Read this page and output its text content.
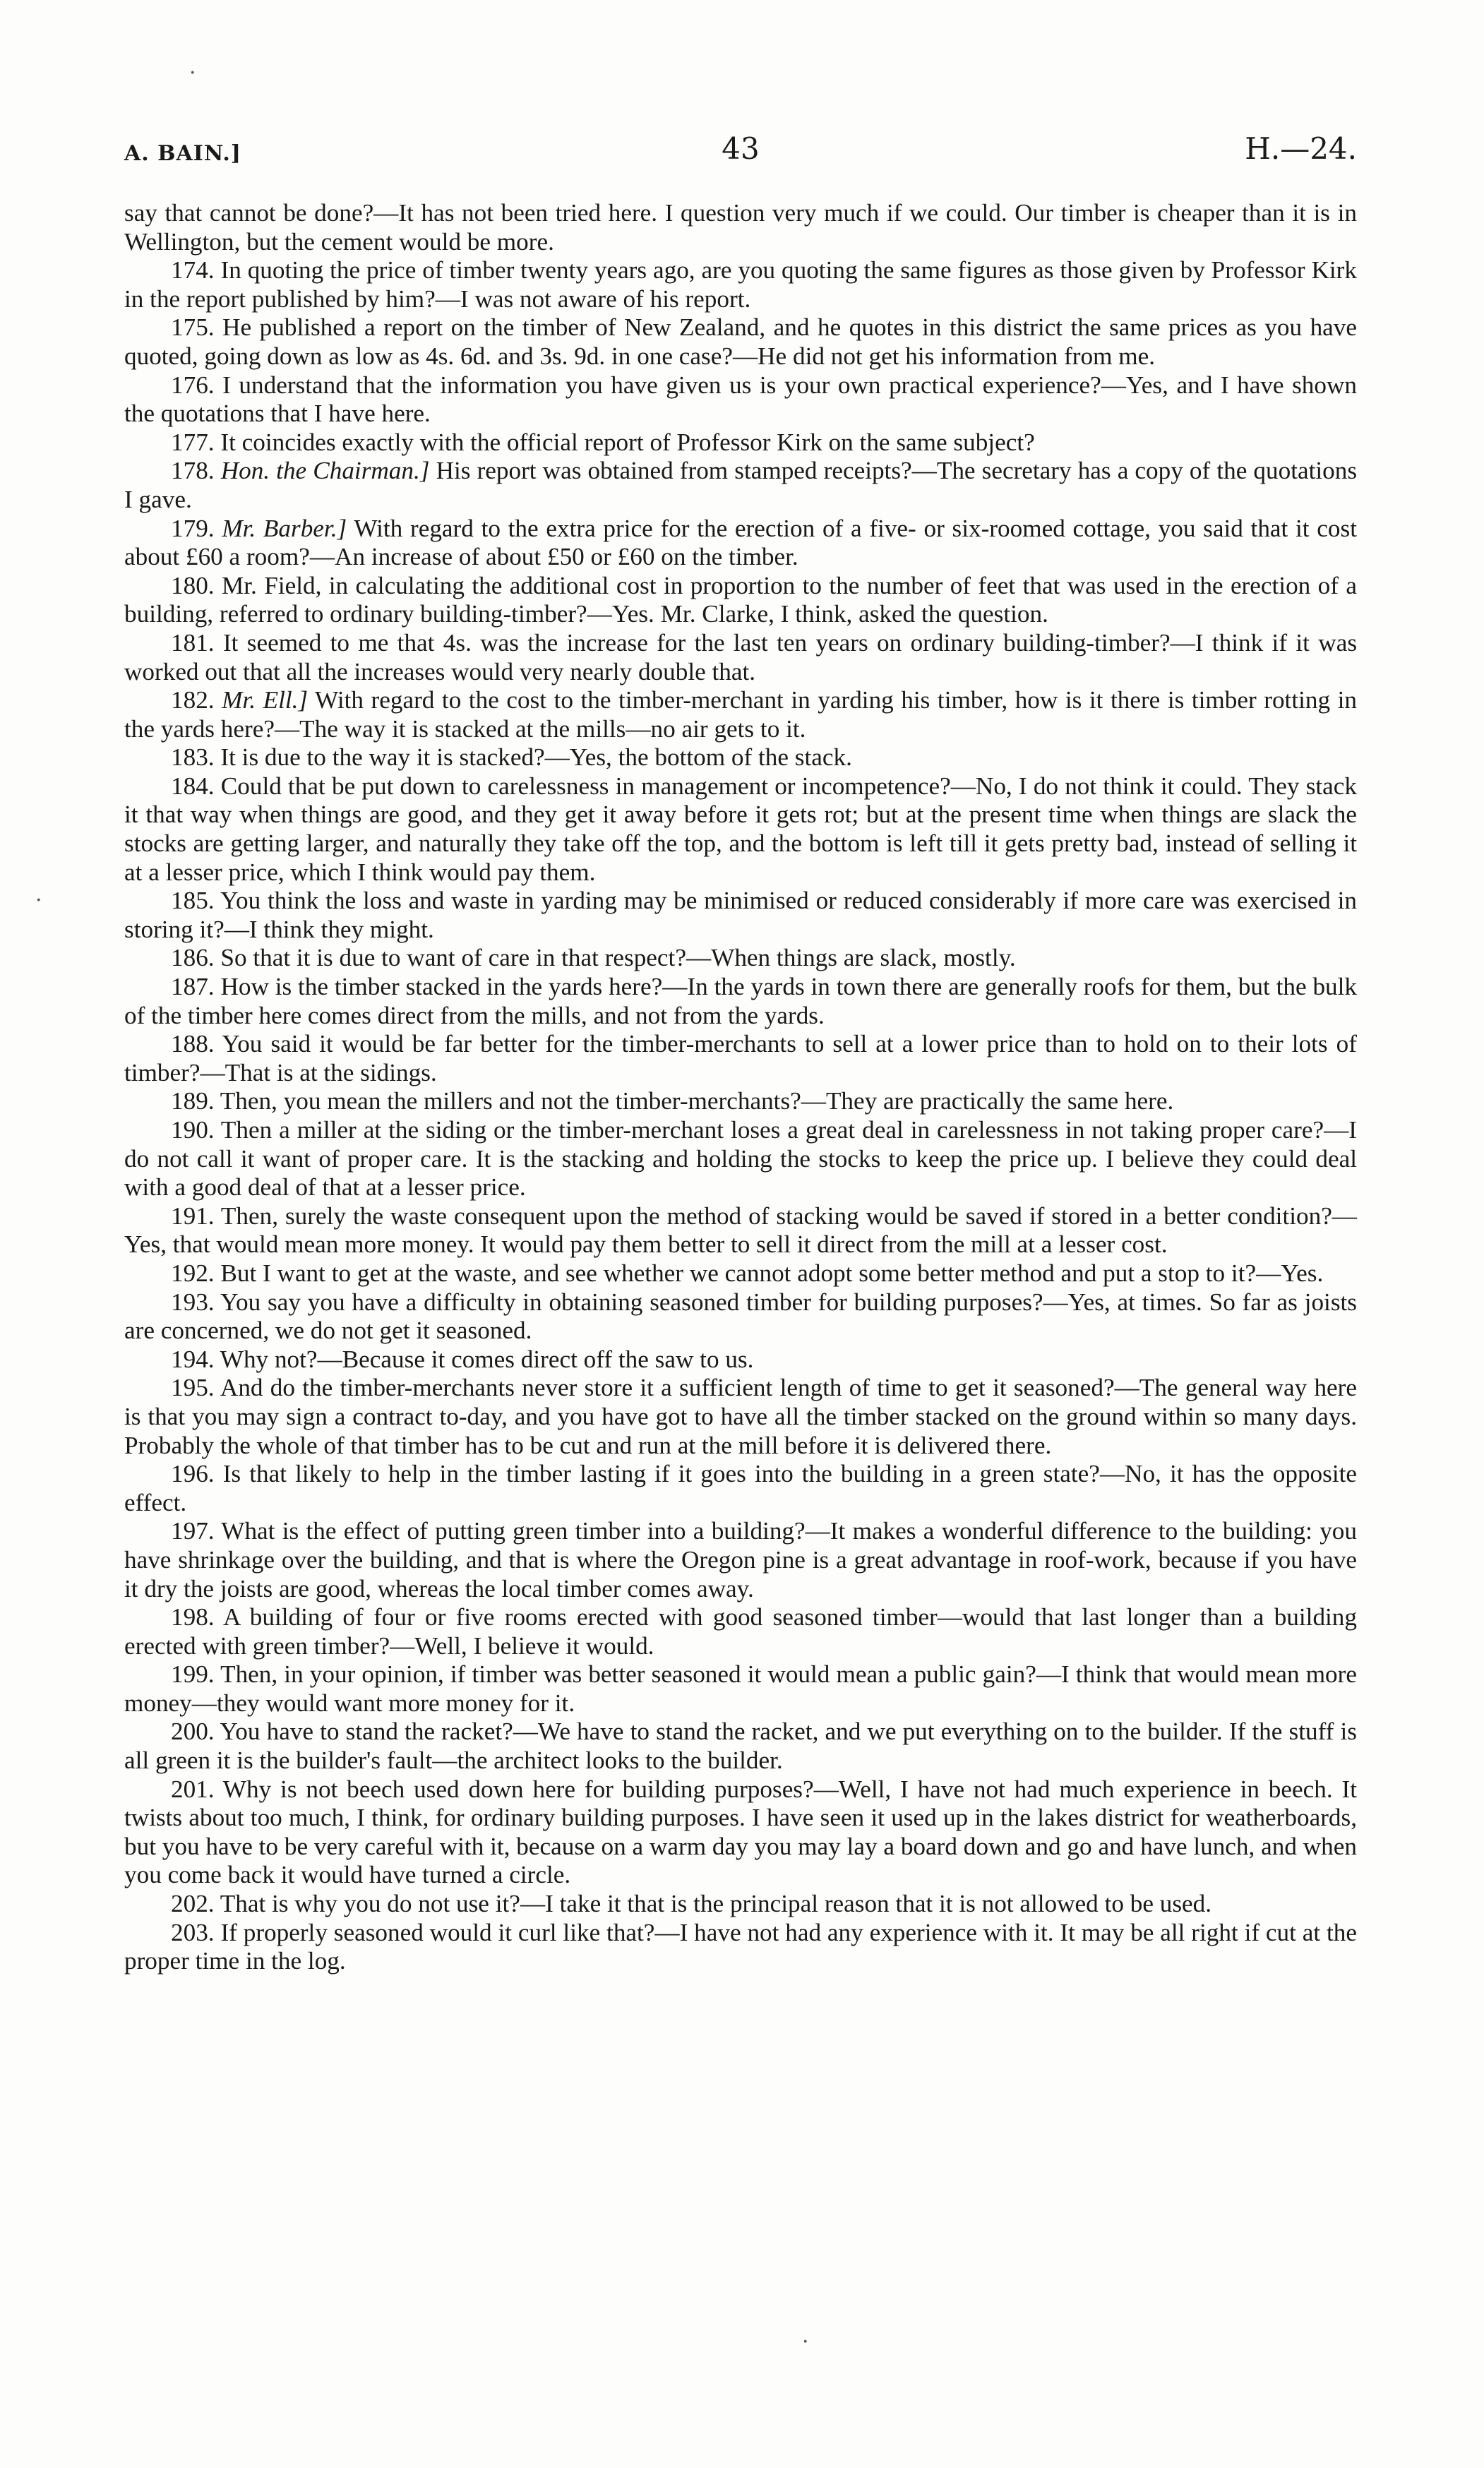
A. BAIN.]	43	H.—24.

say that cannot be done?—It has not been tried here. I question very much if we could. Our timber is cheaper than it is in Wellington, but the cement would be more.

174. In quoting the price of timber twenty years ago, are you quoting the same figures as those given by Professor Kirk in the report published by him?—I was not aware of his report.

175. He published a report on the timber of New Zealand, and he quotes in this district the same prices as you have quoted, going down as low as 4s. 6d. and 3s. 9d. in one case?—He did not get his information from me.

176. I understand that the information you have given us is your own practical experience?—Yes, and I have shown the quotations that I have here.

177. It coincides exactly with the official report of Professor Kirk on the same subject?

178. Hon. the Chairman.] His report was obtained from stamped receipts?—The secretary has a copy of the quotations I gave.

179. Mr. Barber.] With regard to the extra price for the erection of a five- or six-roomed cottage, you said that it cost about £60 a room?—An increase of about £50 or £60 on the timber.

180. Mr. Field, in calculating the additional cost in proportion to the number of feet that was used in the erection of a building, referred to ordinary building-timber?—Yes. Mr. Clarke, I think, asked the question.

181. It seemed to me that 4s. was the increase for the last ten years on ordinary building-timber?—I think if it was worked out that all the increases would very nearly double that.

182. Mr. Ell.] With regard to the cost to the timber-merchant in yarding his timber, how is it there is timber rotting in the yards here?—The way it is stacked at the mills—no air gets to it.

183. It is due to the way it is stacked?—Yes, the bottom of the stack.

184. Could that be put down to carelessness in management or incompetence?—No, I do not think it could. They stack it that way when things are good, and they get it away before it gets rot; but at the present time when things are slack the stocks are getting larger, and naturally they take off the top, and the bottom is left till it gets pretty bad, instead of selling it at a lesser price, which I think would pay them.

185. You think the loss and waste in yarding may be minimised or reduced considerably if more care was exercised in storing it?—I think they might.

186. So that it is due to want of care in that respect?—When things are slack, mostly.

187. How is the timber stacked in the yards here?—In the yards in town there are generally roofs for them, but the bulk of the timber here comes direct from the mills, and not from the yards.

188. You said it would be far better for the timber-merchants to sell at a lower price than to hold on to their lots of timber?—That is at the sidings.

189. Then, you mean the millers and not the timber-merchants?—They are practically the same here.

190. Then a miller at the siding or the timber-merchant loses a great deal in carelessness in not taking proper care?—I do not call it want of proper care. It is the stacking and holding the stocks to keep the price up. I believe they could deal with a good deal of that at a lesser price.

191. Then, surely the waste consequent upon the method of stacking would be saved if stored in a better condition?—Yes, that would mean more money. It would pay them better to sell it direct from the mill at a lesser cost.

192. But I want to get at the waste, and see whether we cannot adopt some better method and put a stop to it?—Yes.

193. You say you have a difficulty in obtaining seasoned timber for building purposes?—Yes, at times. So far as joists are concerned, we do not get it seasoned.

194. Why not?—Because it comes direct off the saw to us.

195. And do the timber-merchants never store it a sufficient length of time to get it seasoned?—The general way here is that you may sign a contract to-day, and you have got to have all the timber stacked on the ground within so many days. Probably the whole of that timber has to be cut and run at the mill before it is delivered there.

196. Is that likely to help in the timber lasting if it goes into the building in a green state?—No, it has the opposite effect.

197. What is the effect of putting green timber into a building?—It makes a wonderful difference to the building: you have shrinkage over the building, and that is where the Oregon pine is a great advantage in roof-work, because if you have it dry the joists are good, whereas the local timber comes away.

198. A building of four or five rooms erected with good seasoned timber—would that last longer than a building erected with green timber?—Well, I believe it would.

199. Then, in your opinion, if timber was better seasoned it would mean a public gain?—I think that would mean more money—they would want more money for it.

200. You have to stand the racket?—We have to stand the racket, and we put everything on to the builder. If the stuff is all green it is the builder's fault—the architect looks to the builder.

201. Why is not beech used down here for building purposes?—Well, I have not had much experience in beech. It twists about too much, I think, for ordinary building purposes. I have seen it used up in the lakes district for weatherboards, but you have to be very careful with it, because on a warm day you may lay a board down and go and have lunch, and when you come back it would have turned a circle.

202. That is why you do not use it?—I take it that is the principal reason that it is not allowed to be used.

203. If properly seasoned would it curl like that?—I have not had any experience with it. It may be all right if cut at the proper time in the log.

·
·
·
